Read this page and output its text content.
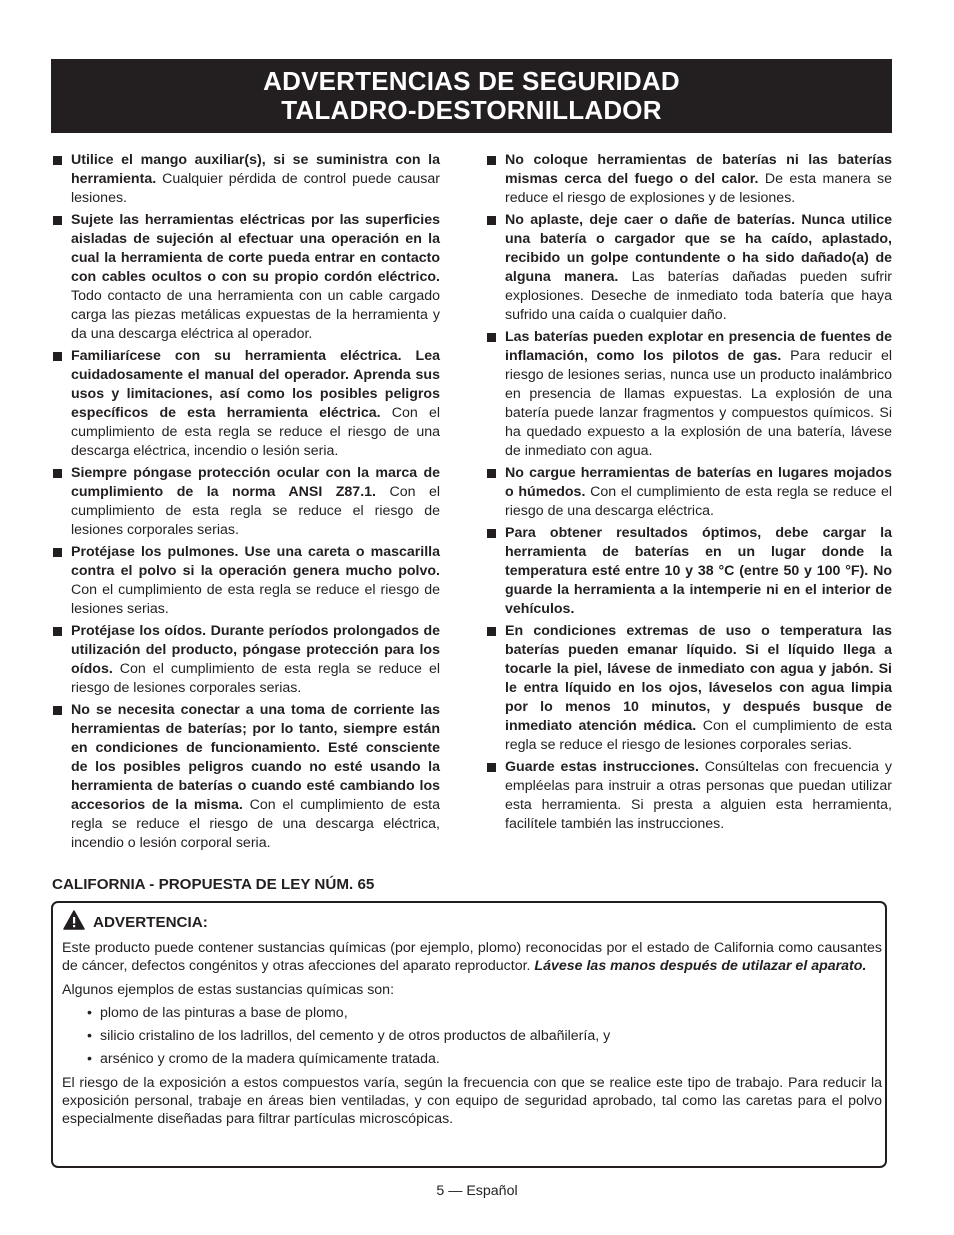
ADVERTENCIAS DE SEGURIDAD
TALADRO-DESTORNILLADOR
Utilice el mango auxiliar(s), si se suministra con la herramienta. Cualquier pérdida de control puede causar lesiones.
Sujete las herramientas eléctricas por las superficies aisladas de sujeción al efectuar una operación en la cual la herramienta de corte pueda entrar en contacto con cables ocultos o con su propio cordón eléctrico. Todo contacto de una herramienta con un cable cargado carga las piezas metálicas expuestas de la herramienta y da una descarga eléctrica al operador.
Familiarícese con su herramienta eléctrica. Lea cuidadosamente el manual del operador. Aprenda sus usos y limitaciones, así como los posibles peligros específicos de esta herramienta eléctrica. Con el cumplimiento de esta regla se reduce el riesgo de una descarga eléctrica, incendio o lesión seria.
Siempre póngase protección ocular con la marca de cumplimiento de la norma ANSI Z87.1. Con el cumplimiento de esta regla se reduce el riesgo de lesiones corporales serias.
Protéjase los pulmones. Use una careta o mascarilla contra el polvo si la operación genera mucho polvo. Con el cumplimiento de esta regla se reduce el riesgo de lesiones serias.
Protéjase los oídos. Durante períodos prolongados de utilización del producto, póngase protección para los oídos. Con el cumplimiento de esta regla se reduce el riesgo de lesiones corporales serias.
No se necesita conectar a una toma de corriente las herramientas de baterías; por lo tanto, siempre están en condiciones de funcionamiento. Esté consciente de los posibles peligros cuando no esté usando la herramienta de baterías o cuando esté cambiando los accesorios de la misma. Con el cumplimiento de esta regla se reduce el riesgo de una descarga eléctrica, incendio o lesión corporal seria.
No coloque herramientas de baterías ni las baterías mismas cerca del fuego o del calor. De esta manera se reduce el riesgo de explosiones y de lesiones.
No aplaste, deje caer o dañe de baterías. Nunca utilice una batería o cargador que se ha caído, aplastado, recibido un golpe contundente o ha sido dañado(a) de alguna manera. Las baterías dañadas pueden sufrir explosiones. Deseche de inmediato toda batería que haya sufrido una caída o cualquier daño.
Las baterías pueden explotar en presencia de fuentes de inflamación, como los pilotos de gas. Para reducir el riesgo de lesiones serias, nunca use un producto inalámbrico en presencia de llamas expuestas. La explosión de una batería puede lanzar fragmentos y compuestos químicos. Si ha quedado expuesto a la explosión de una batería, lávese de inmediato con agua.
No cargue herramientas de baterías en lugares mojados o húmedos. Con el cumplimiento de esta regla se reduce el riesgo de una descarga eléctrica.
Para obtener resultados óptimos, debe cargar la herramienta de baterías en un lugar donde la temperatura esté entre 10 y 38 °C (entre 50 y 100 °F). No guarde la herramienta a la intemperie ni en el interior de vehículos.
En condiciones extremas de uso o temperatura las baterías pueden emanar líquido. Si el líquido llega a tocarle la piel, lávese de inmediato con agua y jabón. Si le entra líquido en los ojos, láveselos con agua limpia por lo menos 10 minutos, y después busque de inmediato atención médica. Con el cumplimiento de esta regla se reduce el riesgo de lesiones corporales serias.
Guarde estas instrucciones. Consúltelas con frecuencia y empléelas para instruir a otras personas que puedan utilizar esta herramienta. Si presta a alguien esta herramienta, facilítele también las instrucciones.
CALIFORNIA - PROPUESTA DE LEY NÚM. 65
ADVERTENCIA:

Este producto puede contener sustancias químicas (por ejemplo, plomo) reconocidas por el estado de California como causantes de cáncer, defectos congénitos y otras afecciones del aparato reproductor. Lávese las manos después de utilazar el aparato.

Algunos ejemplos de estas sustancias químicas son:

• plomo de las pinturas a base de plomo,
• silicio cristalino de los ladrillos, del cemento y de otros productos de albañilería, y
• arsénico y cromo de la madera químicamente tratada.

El riesgo de la exposición a estos compuestos varía, según la frecuencia con que se realice este tipo de trabajo. Para reducir la exposición personal, trabaje en áreas bien ventiladas, y con equipo de seguridad aprobado, tal como las caretas para el polvo especialmente diseñadas para filtrar partículas microscópicas.

5 — Español
